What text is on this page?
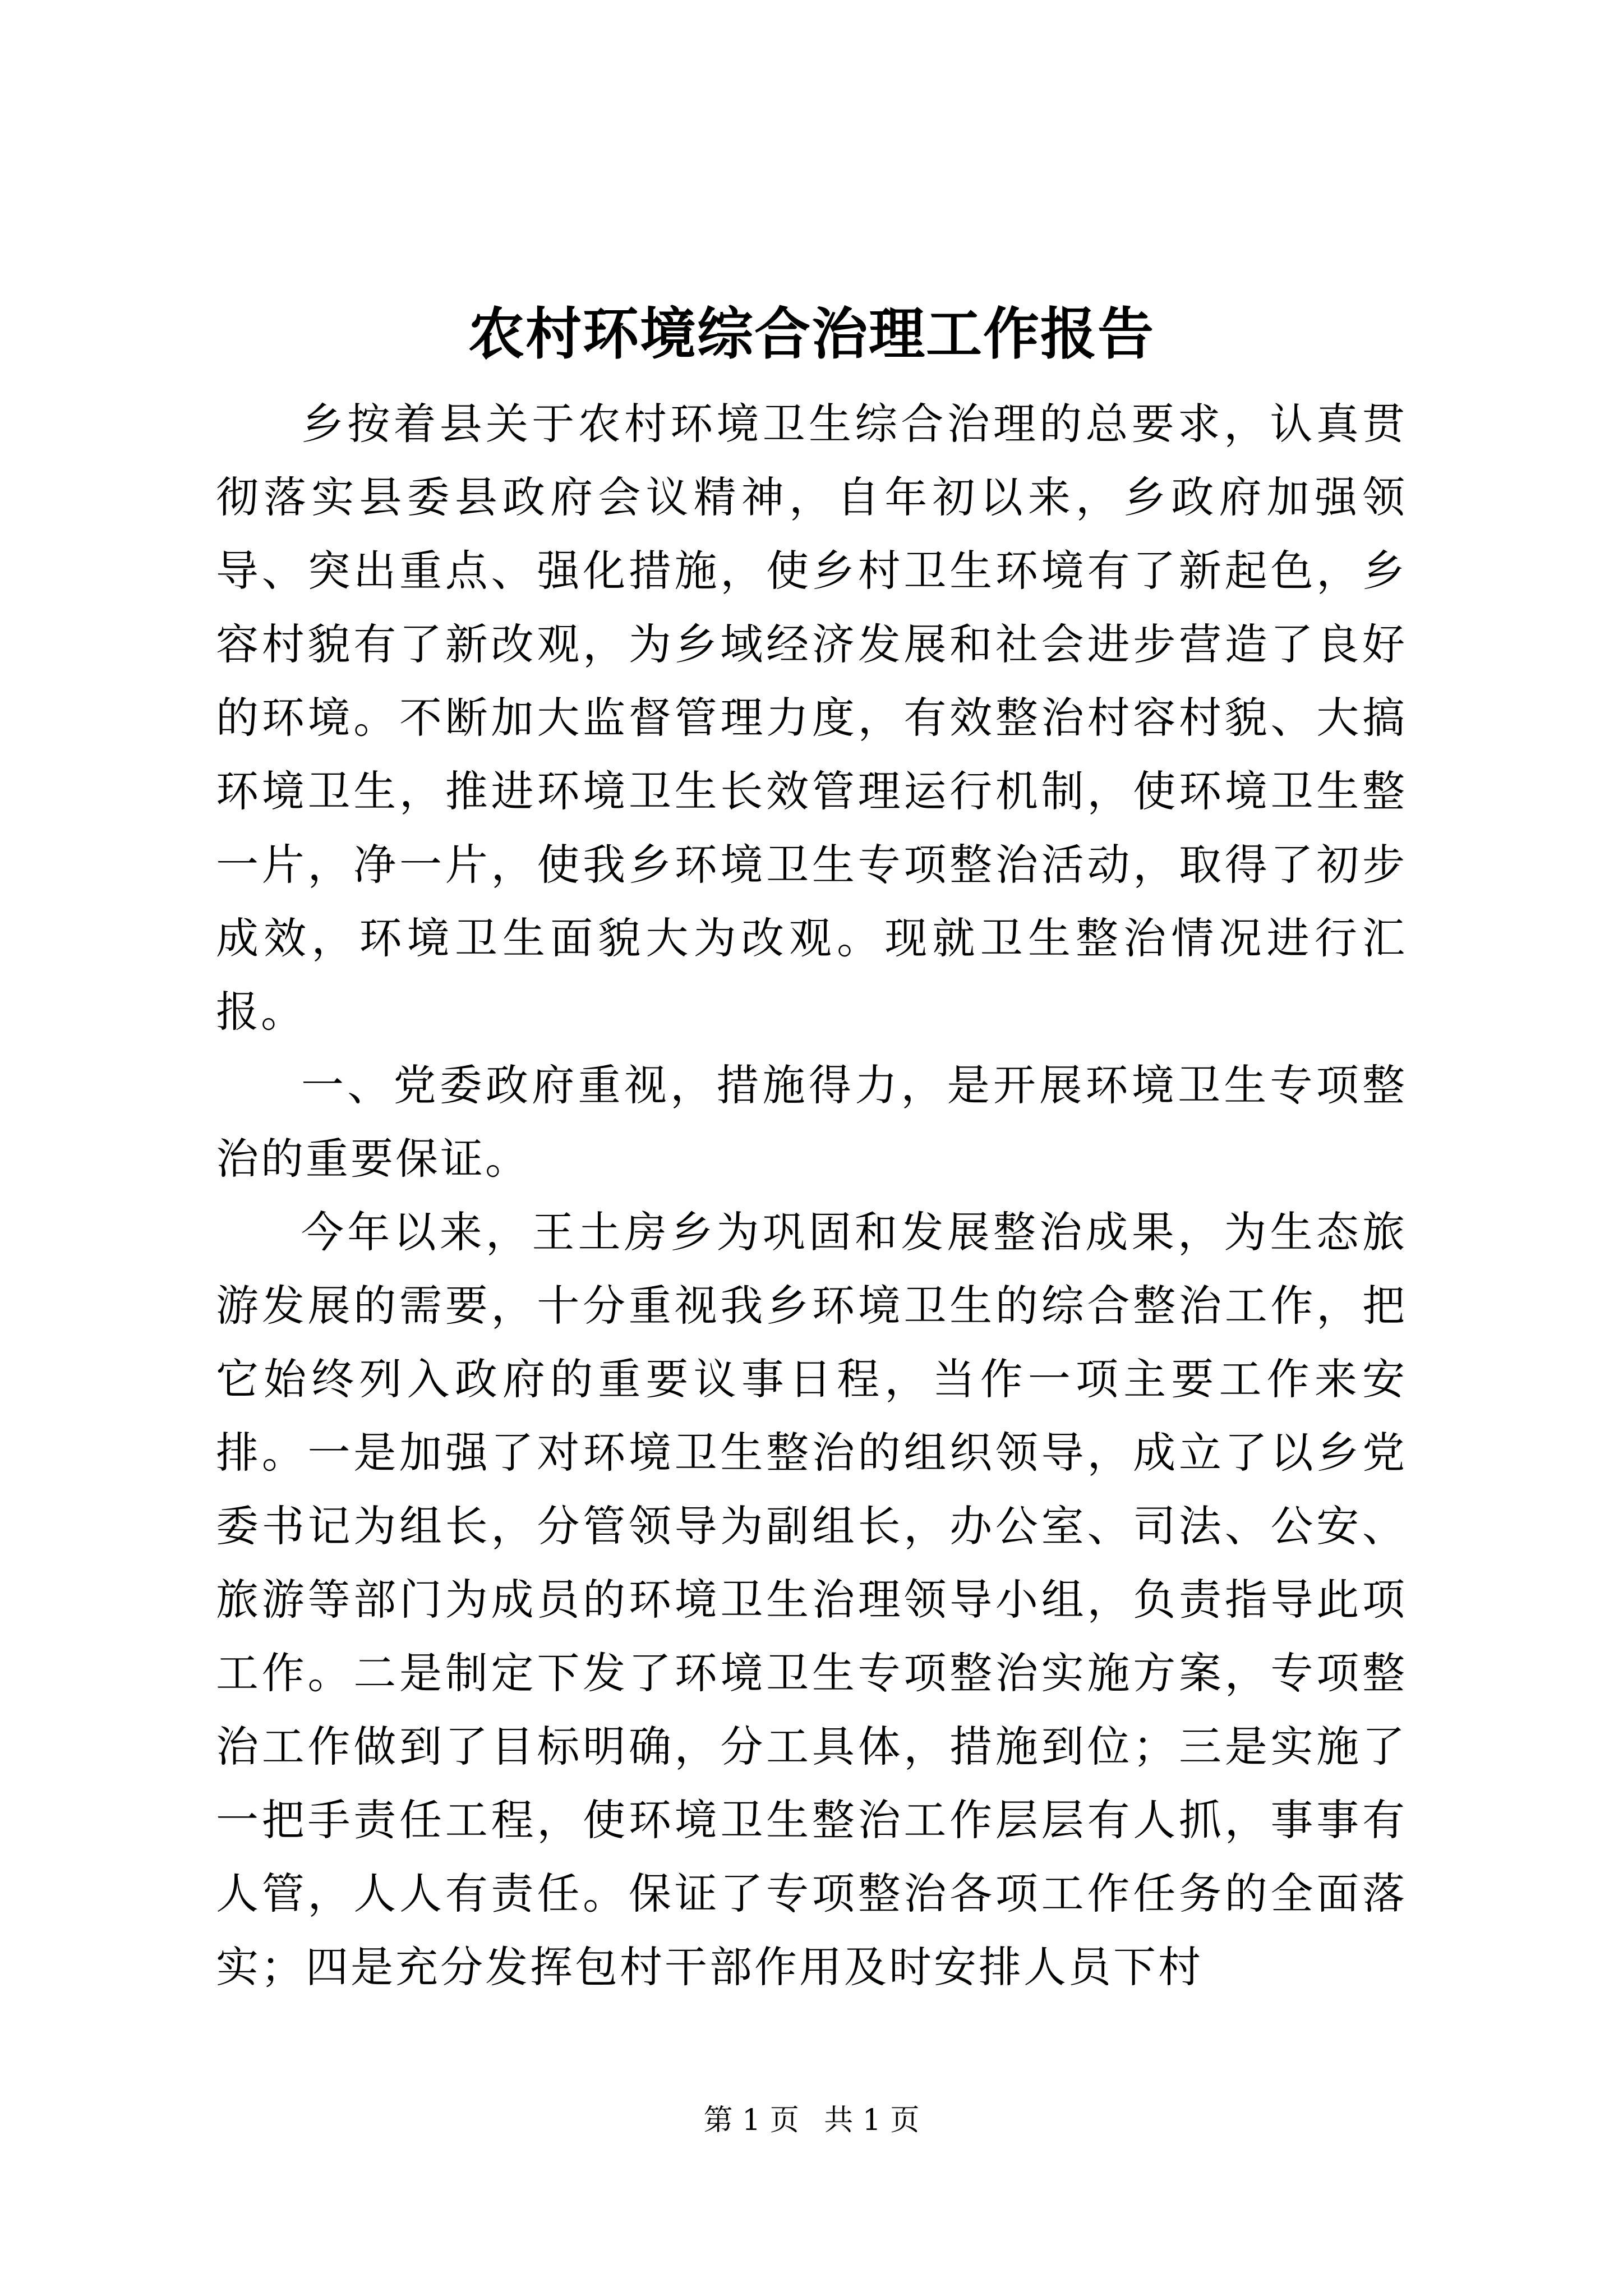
农村环境综合治理工作报告

乡按着县关于农村环境卫生综合治理的总要求，认真贯彻落实县委县政府会议精神，自年初以来，乡政府加强领导、突出重点、强化措施，使乡村卫生环境有了新起色，乡容村貌有了新改观，为乡域经济发展和社会进步营造了良好的环境。不断加大监督管理力度，有效整治村容村貌、大搞环境卫生，推进环境卫生长效管理运行机制，使环境卫生整一片，净一片，使我乡环境卫生专项整治活动，取得了初步成效，环境卫生面貌大为改观。现就卫生整治情况进行汇报。

一、党委政府重视，措施得力，是开展环境卫生专项整治的重要保证。

今年以来，王土房乡为巩固和发展整治成果，为生态旅游发展的需要，十分重视我乡环境卫生的综合整治工作，把它始终列入政府的重要议事日程，当作一项主要工作来安排。一是加强了对环境卫生整治的组织领导，成立了以乡党委书记为组长，分管领导为副组长，办公室、司法、公安、旅游等部门为成员的环境卫生治理领导小组，负责指导此项工作。二是制定下发了环境卫生专项整治实施方案，专项整治工作做到了目标明确，分工具体，措施到位；三是实施了一把手责任工程，使环境卫生整治工作层层有人抓，事事有人管，人人有责任。保证了专项整治各项工作任务的全面落实；四是充分发挥包村干部作用及时安排人员下村

第 1 页 共 1 页
